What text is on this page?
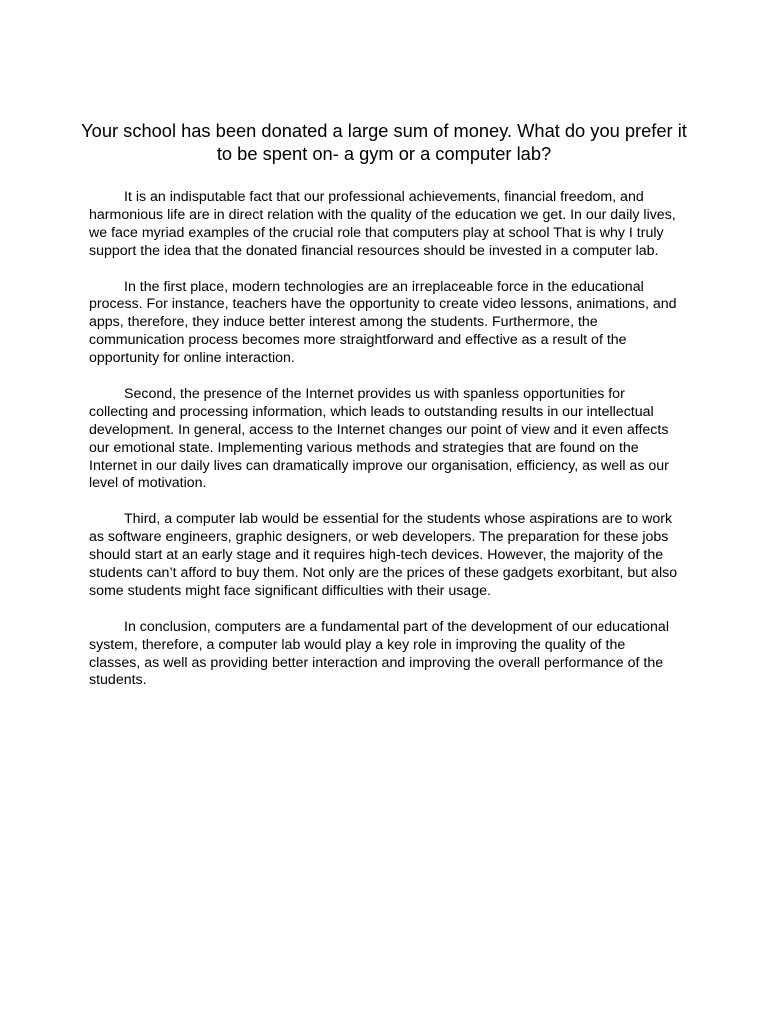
Your school has been donated a large sum of money. What do you prefer it to be spent on- a gym or a computer lab?

It is an indisputable fact that our professional achievements, financial freedom, and harmonious life are in direct relation with the quality of the education we get. In our daily lives, we face myriad examples of the crucial role that computers play at school That is why I truly support the idea that the donated financial resources should be invested in a computer lab.

In the first place, modern technologies are an irreplaceable force in the educational process. For instance, teachers have the opportunity to create video lessons, animations, and apps, therefore, they induce better interest among the students. Furthermore, the communication process becomes more straightforward and effective as a result of the opportunity for online interaction.

Second, the presence of the Internet provides us with spanless opportunities for collecting and processing information, which leads to outstanding results in our intellectual development. In general, access to the Internet changes our point of view and it even affects our emotional state. Implementing various methods and strategies that are found on the Internet in our daily lives can dramatically improve our organisation, efficiency, as well as our level of motivation.

Third, a computer lab would be essential for the students whose aspirations are to work as software engineers, graphic designers, or web developers. The preparation for these jobs should start at an early stage and it requires high-tech devices. However, the majority of the students can’t afford to buy them. Not only are the prices of these gadgets exorbitant, but also some students might face significant difficulties with their usage.

In conclusion, computers are a fundamental part of the development of our educational system, therefore, a computer lab would play a key role in improving the quality of the classes, as well as providing better interaction and improving the overall performance of the students.
